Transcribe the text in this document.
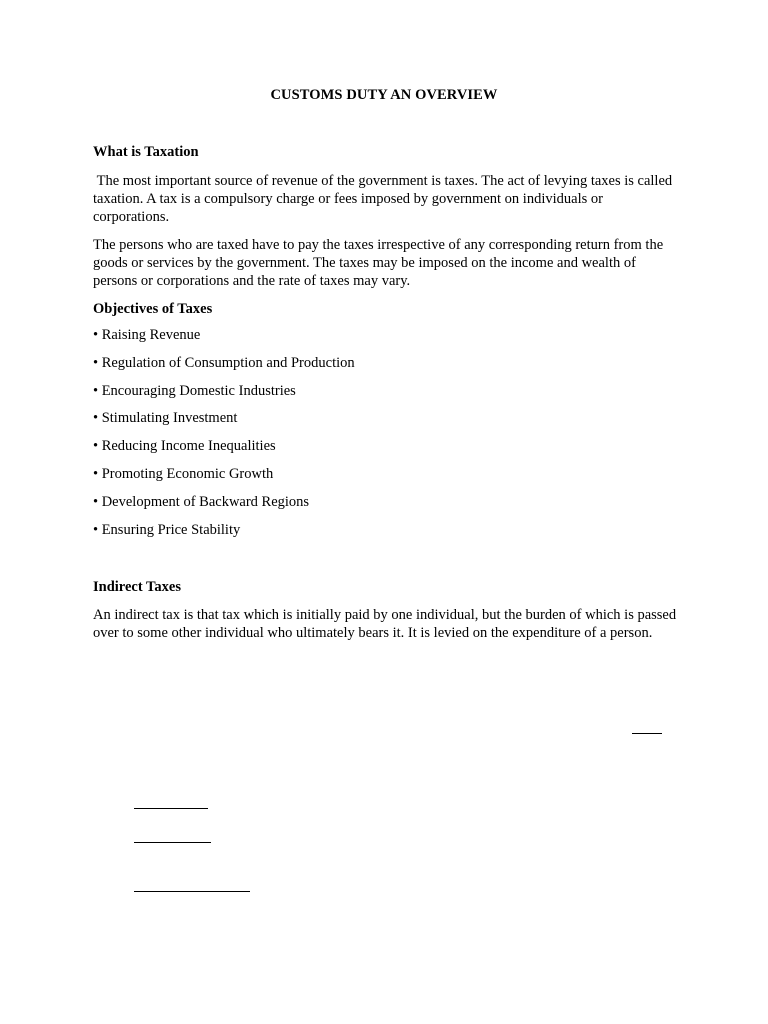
CUSTOMS DUTY AN OVERVIEW
What is Taxation
The most important source of revenue of the government is taxes. The act of levying taxes is called taxation. A tax is a compulsory charge or fees imposed by government on individuals or corporations.
The persons who are taxed have to pay the taxes irrespective of any corresponding return from the goods or services by the government. The taxes may be imposed on the income and wealth of persons or corporations and the rate of taxes may vary.
Objectives of Taxes
• Raising Revenue
• Regulation of Consumption and Production
• Encouraging Domestic Industries
• Stimulating Investment
• Reducing Income Inequalities
• Promoting Economic Growth
• Development of Backward Regions
• Ensuring Price Stability
Indirect Taxes
An indirect tax is that tax which is initially paid by one individual, but the burden of which is passed over to some other individual who ultimately bears it. It is levied on the expenditure of a person.
